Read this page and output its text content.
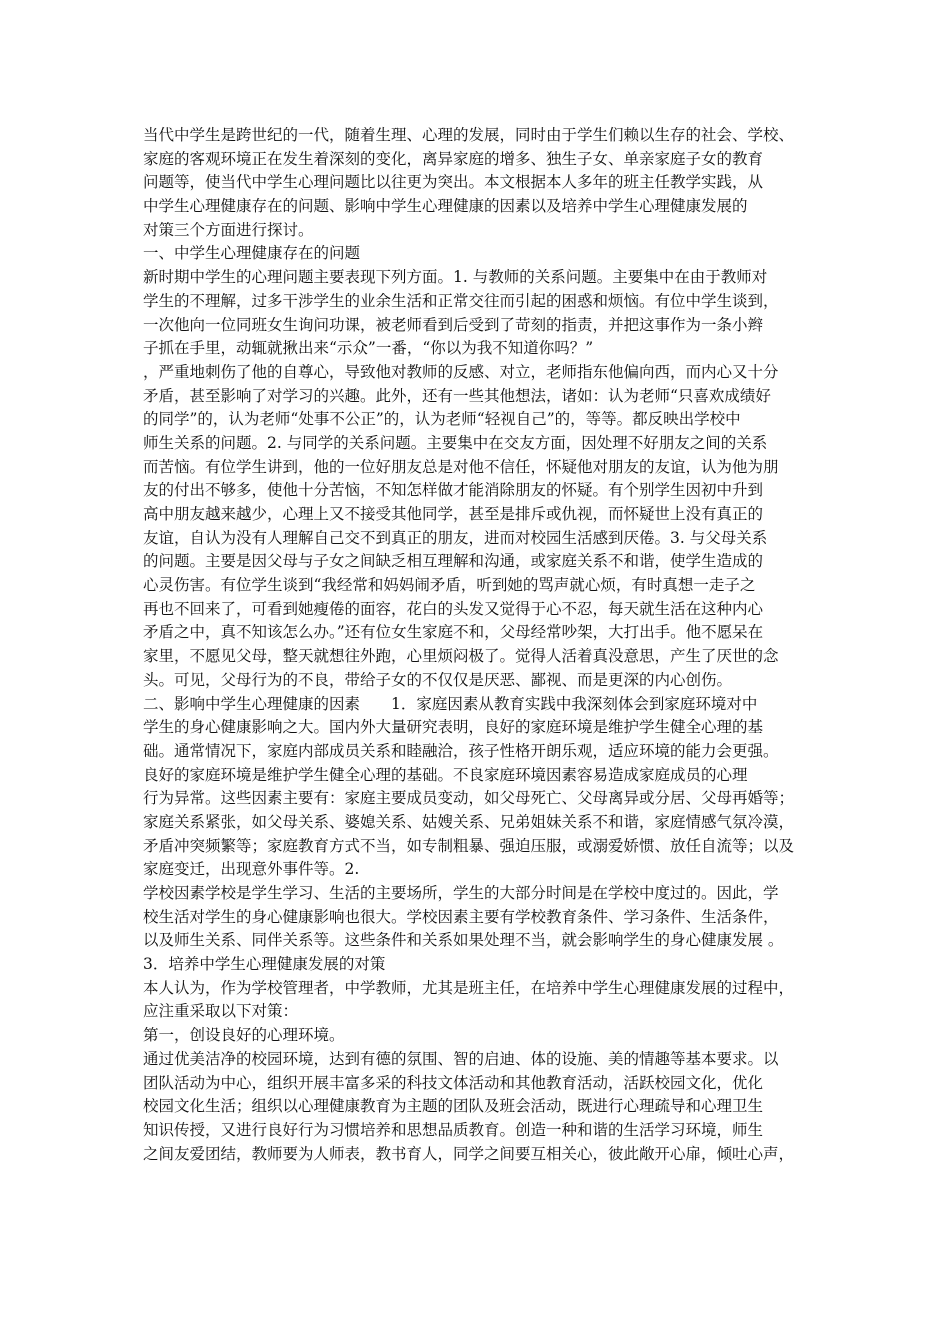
当代中学生是跨世纪的一代，随着生理、心理的发展，同时由于学生们赖以生存的社会、学校、
家庭的客观环境正在发生着深刻的变化，离异家庭的增多、独生子女、单亲家庭子女的教育
问题等，使当代中学生心理问题比以往更为突出。本文根据本人多年的班主任教学实践，从
中学生心理健康存在的问题、影响中学生心理健康的因素以及培养中学生心理健康发展的
对策三个方面进行探讨。
一、中学生心理健康存在的问题
新时期中学生的心理问题主要表现下列方面。1. 与教师的关系问题。主要集中在由于教师对
学生的不理解，过多干涉学生的业余生活和正常交往而引起的困惑和烦恼。有位中学生谈到，
一次他向一位同班女生询问功课，被老师看到后受到了苛刻的指责，并把这事作为一条小辫
子抓在手里，动辄就揪出来“示众”一番，“你以为我不知道你吗？”
，严重地刺伤了他的自尊心，导致他对教师的反感、对立，老师指东他偏向西，而内心又十分
矛盾，甚至影响了对学习的兴趣。此外，还有一些其他想法，诸如：认为老师“只喜欢成绩好
的同学”的，认为老师“处事不公正”的，认为老师“轻视自己”的，等等。都反映出学校中
师生关系的问题。2. 与同学的关系问题。主要集中在交友方面，因处理不好朋友之间的关系
而苦恼。有位学生讲到，他的一位好朋友总是对他不信任，怀疑他对朋友的友谊，认为他为朋
友的付出不够多，使他十分苦恼，不知怎样做才能消除朋友的怀疑。有个别学生因初中升到
高中朋友越来越少，心理上又不接受其他同学，甚至是排斥或仇视，而怀疑世上没有真正的
友谊，自认为没有人理解自己交不到真正的朋友，进而对校园生活感到厌倦。3. 与父母关系
的问题。主要是因父母与子女之间缺乏相互理解和沟通，或家庭关系不和谐，使学生造成的
心灵伤害。有位学生谈到“我经常和妈妈闹矛盾，听到她的骂声就心烦，有时真想一走子之
再也不回来了，可看到她瘦倦的面容，花白的头发又觉得于心不忍，每天就生活在这种内心
矛盾之中，真不知该怎么办。”还有位女生家庭不和，父母经常吵架，大打出手。他不愿呆在
家里，不愿见父母，整天就想往外跑，心里烦闷极了。觉得人活着真没意思，产生了厌世的念
头。可见，父母行为的不良，带给子女的不仅仅是厌恶、鄙视、而是更深的内心创伤。
二、影响中学生心理健康的因素　　1．家庭因素从教育实践中我深刻体会到家庭环境对中
学生的身心健康影响之大。国内外大量研究表明，良好的家庭环境是维护学生健全心理的基
础。通常情况下，家庭内部成员关系和睦融洽，孩子性格开朗乐观，适应环境的能力会更强。
良好的家庭环境是维护学生健全心理的基础。不良家庭环境因素容易造成家庭成员的心理
行为异常。这些因素主要有：家庭主要成员变动，如父母死亡、父母离异或分居、父母再婚等；
家庭关系紧张，如父母关系、婆媳关系、姑嫂关系、兄弟姐妹关系不和谐，家庭情感气氛冷漠，
矛盾冲突频繁等；家庭教育方式不当，如专制粗暴、强迫压服，或溺爱娇惯、放任自流等；以及
家庭变迁，出现意外事件等。2.
学校因素学校是学生学习、生活的主要场所，学生的大部分时间是在学校中度过的。因此，学
校生活对学生的身心健康影响也很大。学校因素主要有学校教育条件、学习条件、生活条件，
以及师生关系、同伴关系等。这些条件和关系如果处理不当，就会影响学生的身心健康发展 。
3．培养中学生心理健康发展的对策
本人认为，作为学校管理者，中学教师，尤其是班主任，在培养中学生心理健康发展的过程中，
应注重采取以下对策：
第一，创设良好的心理环境。
通过优美洁净的校园环境，达到有德的氛围、智的启迪、体的设施、美的情趣等基本要求。以
团队活动为中心，组织开展丰富多采的科技文体活动和其他教育活动，活跃校园文化，优化
校园文化生活；组织以心理健康教育为主题的团队及班会活动，既进行心理疏导和心理卫生
知识传授，又进行良好行为习惯培养和思想品质教育。创造一种和谐的生活学习环境，师生
之间友爱团结，教师要为人师表，教书育人，同学之间要互相关心，彼此敞开心扉，倾吐心声，
